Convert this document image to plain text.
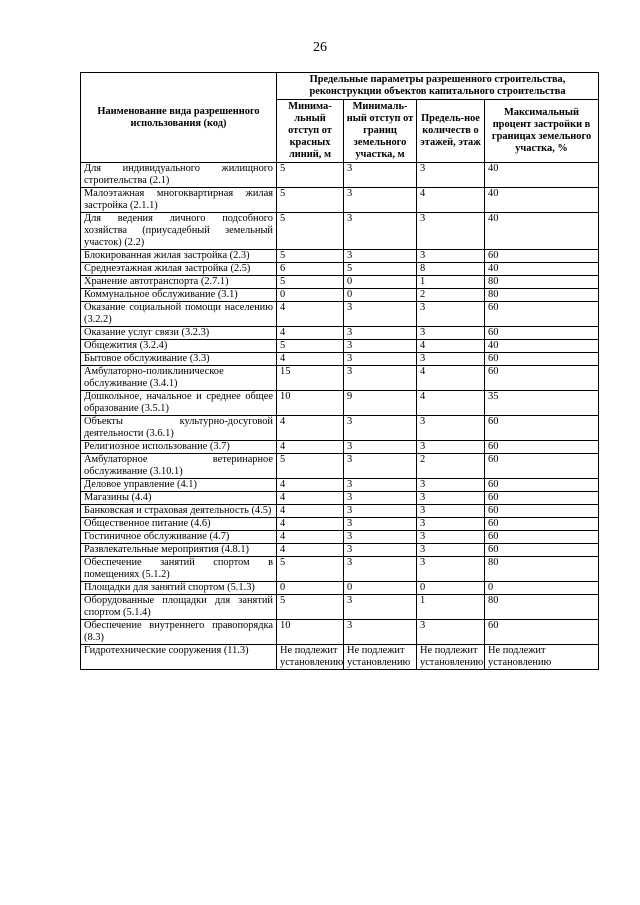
26
Наименование вида разрешенного использования (код)	Предельные параметры разрешенного строительства, реконструкции объектов капитального строительства			
	Минима-льный отступ от красных линий, м	Минималь-ный отступ от границ земельного участка, м	Предель-ное количеств о этажей, этаж	Максимальный процент застройки в границах земельного участка, %
Для индивидуального жилищного строительства (2.1)	5	3	3	40
Малоэтажная многоквартирная жилая застройка (2.1.1)	5	3	4	40
Для ведения личного подсобного хозяйства (приусадебный земельный участок) (2.2)	5	3	3	40
Блокированная жилая застройка (2.3)	5	3	3	60
Среднеэтажная жилая застройка (2.5)	6	5	8	40
Хранение автотранспорта (2.7.1)	5	0	1	80
Коммунальное обслуживание (3.1)	0	0	2	80
Оказание социальной помощи населению (3.2.2)	4	3	3	60
Оказание услуг связи (3.2.3)	4	3	3	60
Общежития (3.2.4)	5	3	4	40
Бытовое обслуживание (3.3)	4	3	3	60
Амбулаторно-поликлиническое обслуживание (3.4.1)	15	3	4	60
Дошкольное, начальное и среднее общее образование (3.5.1)	10	9	4	35
Объекты культурно-досуговой деятельности (3.6.1)	4	3	3	60
Религиозное использование (3.7)	4	3	3	60
Амбулаторное ветеринарное обслуживание (3.10.1)	5	3	2	60
Деловое управление (4.1)	4	3	3	60
Магазины (4.4)	4	3	3	60
Банковская и страховая деятельность (4.5)	4	3	3	60
Общественное питание (4.6)	4	3	3	60
Гостиничное обслуживание (4.7)	4	3	3	60
Развлекательные мероприятия (4.8.1)	4	3	3	60
Обеспечение занятий спортом в помещениях (5.1.2)	5	3	3	80
Площадки для занятий спортом (5.1.3)	0	0	0	0
Оборудованные площадки для занятий спортом (5.1.4)	5	3	1	80
Обеспечение внутреннего правопорядка (8.3)	10	3	3	60
Гидротехнические сооружения (11.3)	Не подлежит установлению	Не подлежит установлению	Не подлежит установлению	Не подлежит установлению
